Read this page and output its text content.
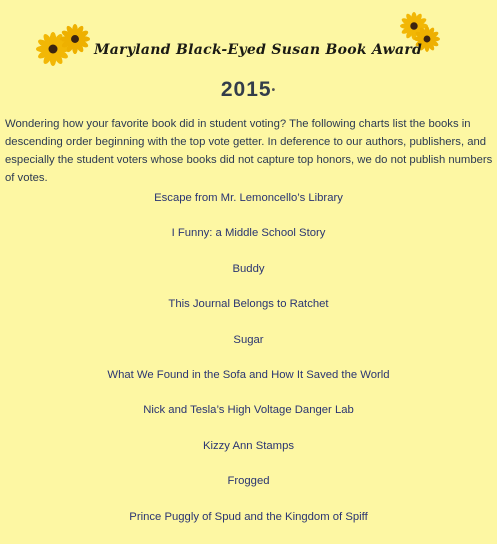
Maryland Black-Eyed Susan Book Award
2015•

Wondering how your favorite book did in student voting? The following charts list the books in descending order beginning with the top vote getter. In deference to our authors, publishers, and especially the student voters whose books did not capture top honors, we do not publish numbers of votes.

Escape from Mr. Lemoncello’s Library
I Funny: a Middle School Story
Buddy
This Journal Belongs to Ratchet
Sugar
What We Found in the Sofa and How It Saved the World
Nick and Tesla’s High Voltage Danger Lab
Kizzy Ann Stamps
Frogged
Prince Puggly of Spud and the Kingdom of Spiff
